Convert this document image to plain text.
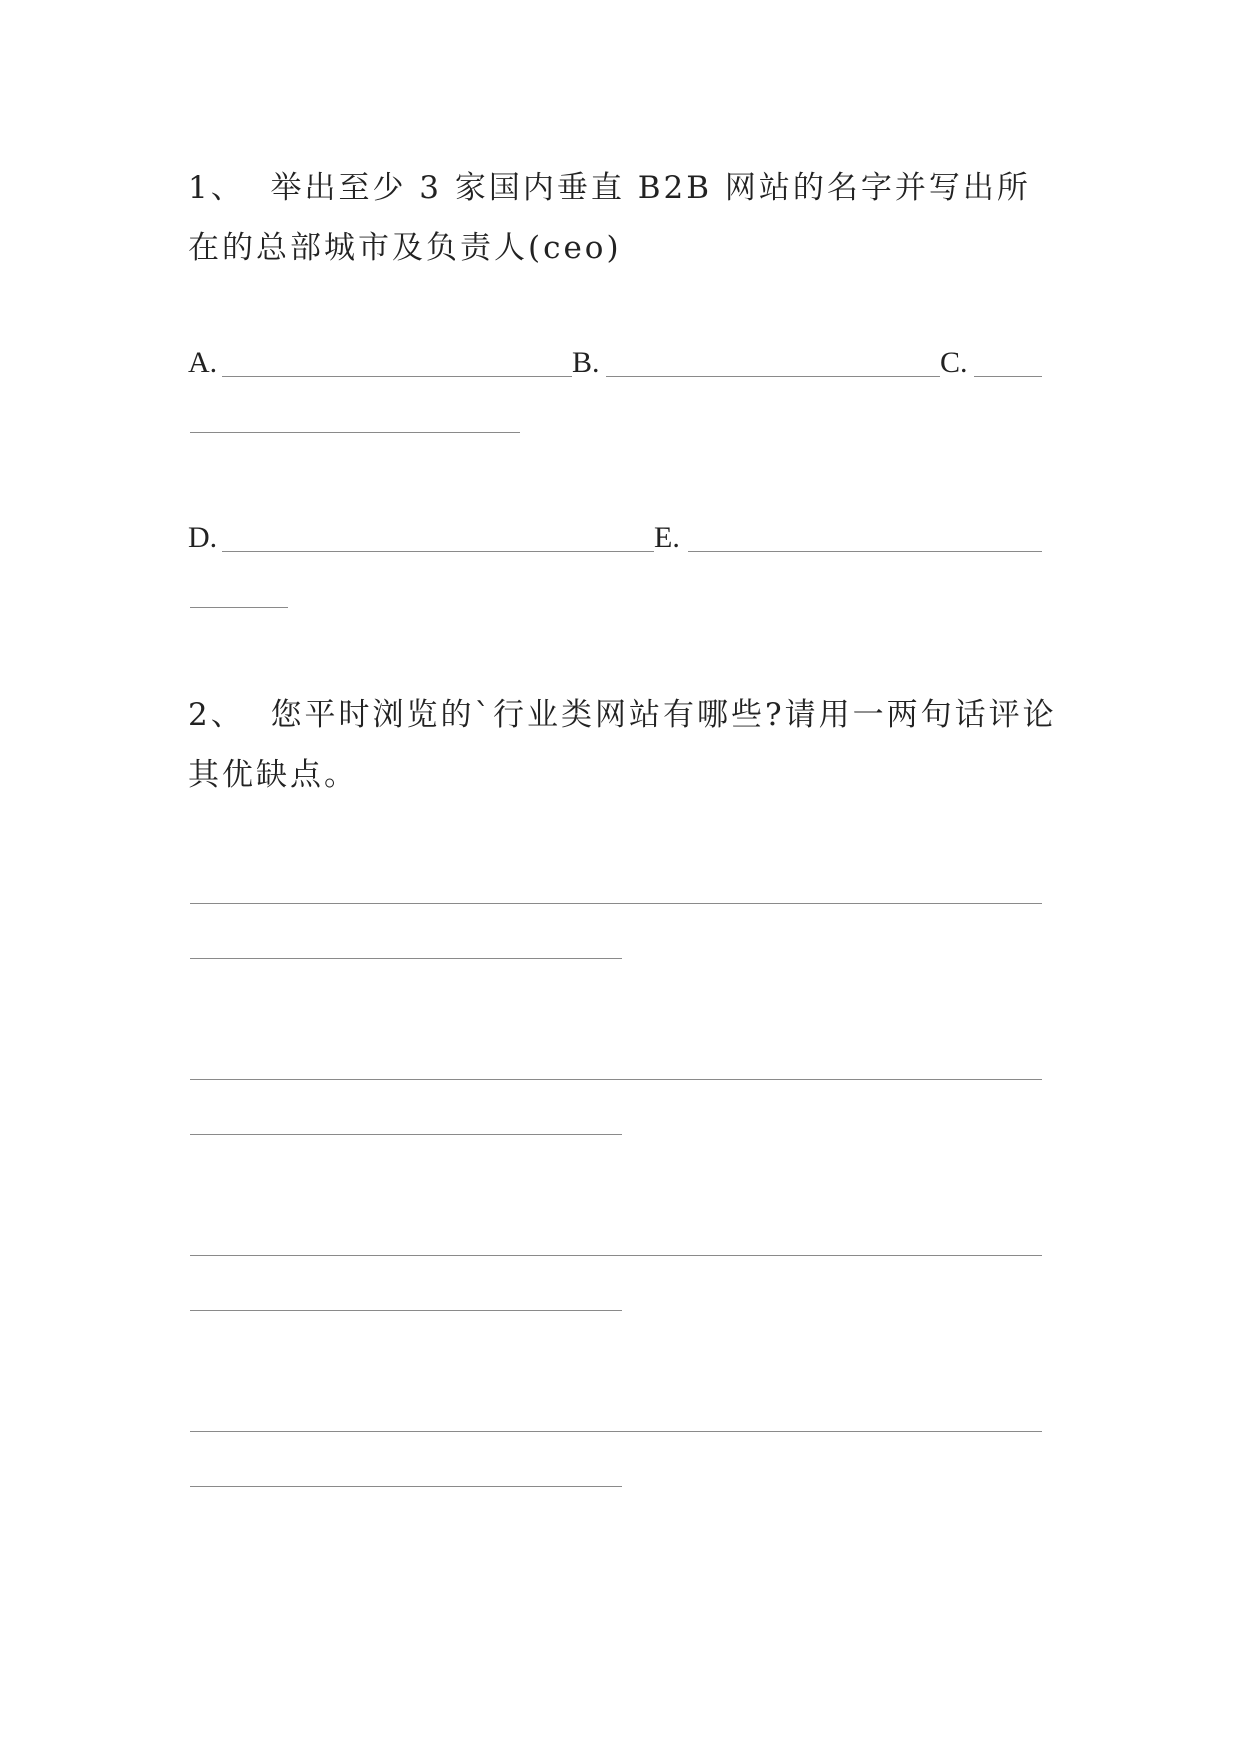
1、 举出至少 3 家国内垂直 B2B 网站的名字并写出所在的总部城市及负责人(ceo)
A.	B.	C.
D.	E.
2、 您平时浏览的`行业类网站有哪些?请用一两句话评论其优缺点。
